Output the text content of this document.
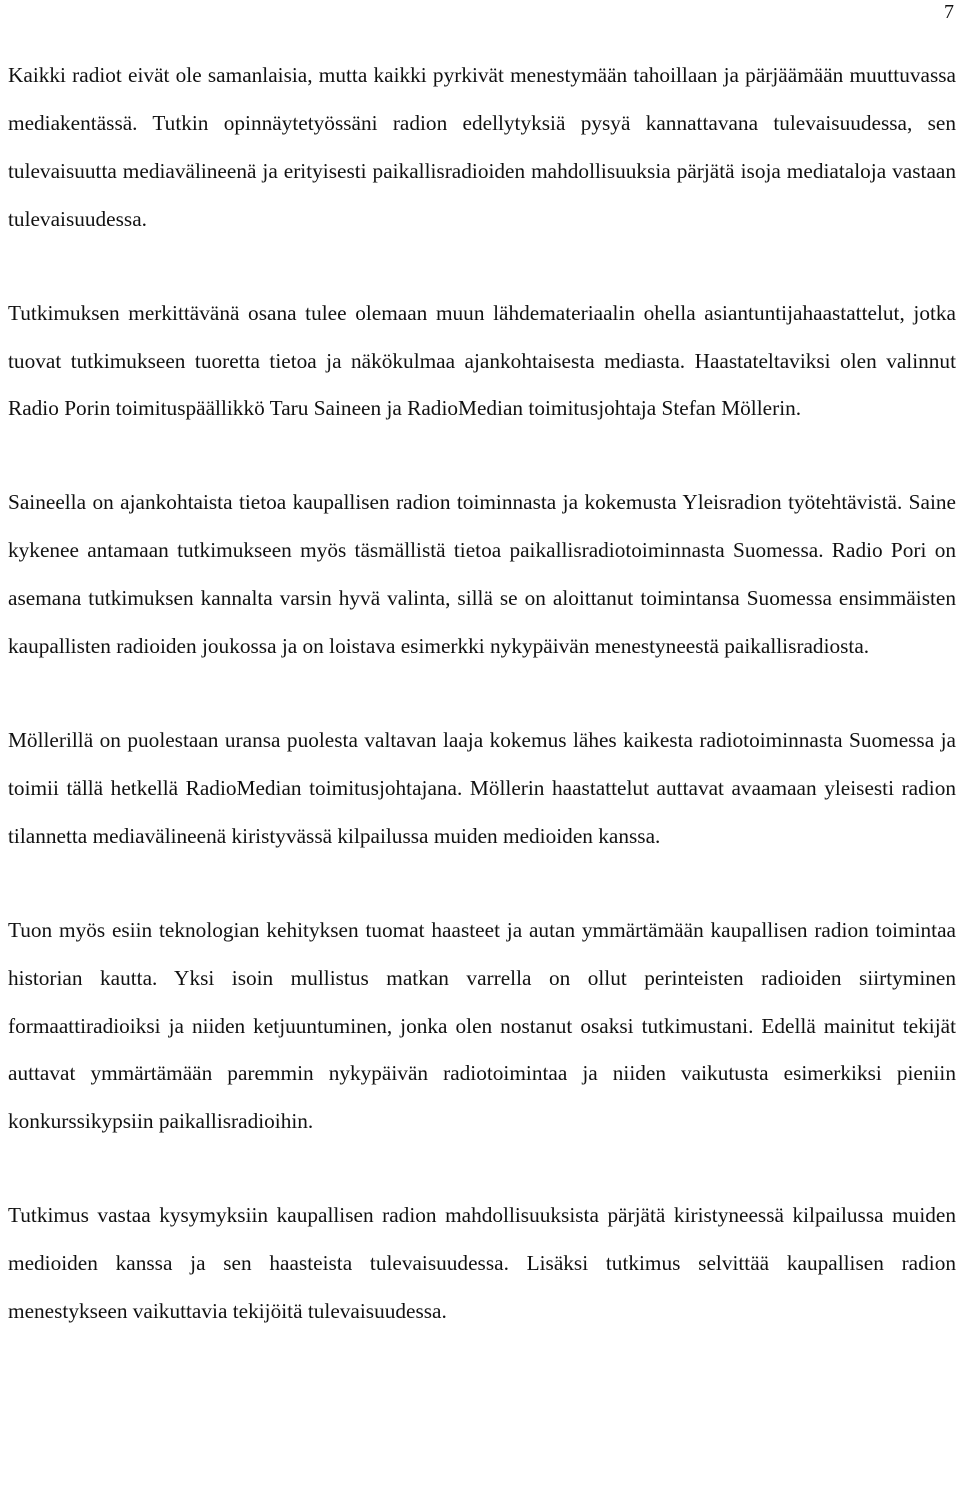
7

Kaikki radiot eivät ole samanlaisia, mutta kaikki pyrkivät menestymään tahoillaan ja pärjäämään muuttuvassa mediakentässä. Tutkin opinnäytetyössäni radion edellytyksiä pysyä kannattavana tulevaisuudessa, sen tulevaisuutta mediavälineenä ja erityisesti paikallisradioiden mahdollisuuksia pärjätä isoja mediataloja vastaan tulevaisuudessa.

Tutkimuksen merkittävänä osana tulee olemaan muun lähdemateriaalin ohella asiantuntijahaastattelut, jotka tuovat tutkimukseen tuoretta tietoa ja näkökulmaa ajankohtaisesta mediasta. Haastateltaviksi olen valinnut Radio Porin toimituspäällikkö Taru Saineen ja RadioMedian toimitusjohtaja Stefan Möllerin.

Saineella on ajankohtaista tietoa kaupallisen radion toiminnasta ja kokemusta Yleisradion työtehtävistä. Saine kykenee antamaan tutkimukseen myös täsmällistä tietoa paikallisradiotoiminnasta Suomessa. Radio Pori on asemana tutkimuksen kannalta varsin hyvä valinta, sillä se on aloittanut toimintansa Suomessa ensimmäisten kaupallisten radioiden joukossa ja on loistava esimerkki nykypäivän menestyneestä paikallisradiosta.

Möllerillä on puolestaan uransa puolesta valtavan laaja kokemus lähes kaikesta radiotoiminnasta Suomessa ja toimii tällä hetkellä RadioMedian toimitusjohtajana. Möllerin haastattelut auttavat avaamaan yleisesti radion tilannetta mediavälineenä kiristyvässä kilpailussa muiden medioiden kanssa.

Tuon myös esiin teknologian kehityksen tuomat haasteet ja autan ymmärtämään kaupallisen radion toimintaa historian kautta. Yksi isoin mullistus matkan varrella on ollut perinteisten radioiden siirtyminen formaattiradioiksi ja niiden ketjuuntuminen, jonka olen nostanut osaksi tutkimustani. Edellä mainitut tekijät auttavat ymmärtämään paremmin nykypäivän radiotoimintaa ja niiden vaikutusta esimerkiksi pieniin konkurssikypsiin paikallisradioihin.

Tutkimus vastaa kysymyksiin kaupallisen radion mahdollisuuksista pärjätä kiristyneessä kilpailussa muiden medioiden kanssa ja sen haasteista tulevaisuudessa. Lisäksi tutkimus selvittää kaupallisen radion menestykseen vaikuttavia tekijöitä tulevaisuudessa.
